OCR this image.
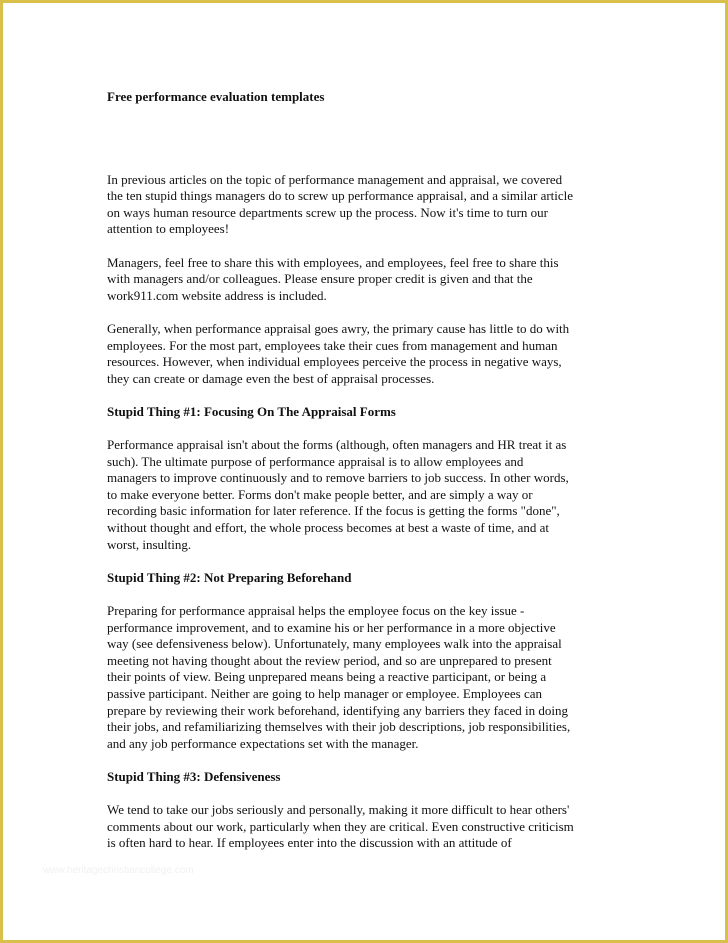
Free performance evaluation templates

In previous articles on the topic of performance management and appraisal, we covered
the ten stupid things managers do to screw up performance appraisal, and a similar article
on ways human resource departments screw up the process. Now it's time to turn our
attention to employees!

Managers, feel free to share this with employees, and employees, feel free to share this
with managers and/or colleagues. Please ensure proper credit is given and that the
work911.com website address is included.

Generally, when performance appraisal goes awry, the primary cause has little to do with
employees. For the most part, employees take their cues from management and human
resources. However, when individual employees perceive the process in negative ways,
they can create or damage even the best of appraisal processes.

Stupid Thing #1: Focusing On The Appraisal Forms

Performance appraisal isn't about the forms (although, often managers and HR treat it as
such). The ultimate purpose of performance appraisal is to allow employees and
managers to improve continuously and to remove barriers to job success. In other words,
to make everyone better. Forms don't make people better, and are simply a way or
recording basic information for later reference. If the focus is getting the forms "done",
without thought and effort, the whole process becomes at best a waste of time, and at
worst, insulting.

Stupid Thing #2: Not Preparing Beforehand

Preparing for performance appraisal helps the employee focus on the key issue -
performance improvement, and to examine his or her performance in a more objective
way (see defensiveness below). Unfortunately, many employees walk into the appraisal
meeting not having thought about the review period, and so are unprepared to present
their points of view. Being unprepared means being a reactive participant, or being a
passive participant. Neither are going to help manager or employee. Employees can
prepare by reviewing their work beforehand, identifying any barriers they faced in doing
their jobs, and refamiliarizing themselves with their job descriptions, job responsibilities,
and any job performance expectations set with the manager.

Stupid Thing #3: Defensiveness

We tend to take our jobs seriously and personally, making it more difficult to hear others'
comments about our work, particularly when they are critical. Even constructive criticism
is often hard to hear. If employees enter into the discussion with an attitude of

www.heritagechristiancollege.com
